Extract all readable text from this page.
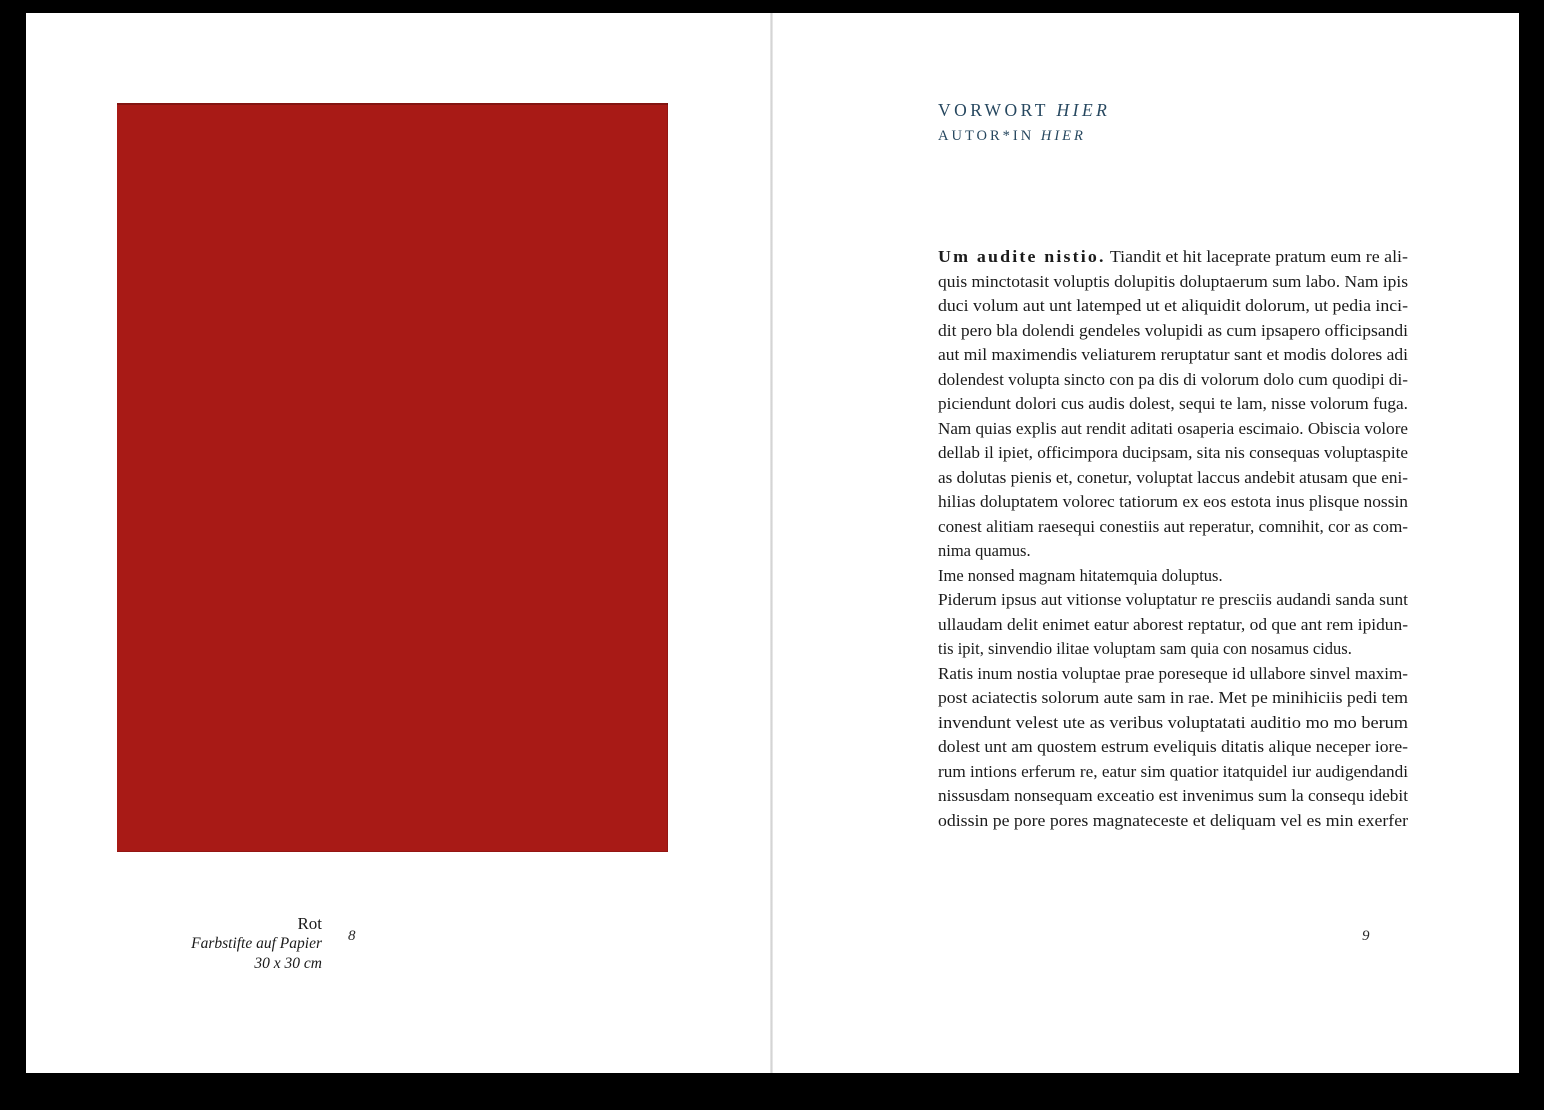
Rot
Farbstifte auf Papier
30 x 30 cm
8
VORWORT HIER
AUTOR*IN HIER
Um audite nistio. Tiandit et hit laceprate pratum eum re ali-
quis minctotasit voluptis dolupitis doluptaerum sum labo. Nam ipis
duci volum aut unt latemped ut et aliquidit dolorum, ut pedia inci-
dit pero bla dolendi gendeles volupidi as cum ipsapero officipsandi
aut mil maximendis veliaturem reruptatur sant et modis dolores adi
dolendest volupta sincto con pa dis di volorum dolo cum quodipi di-
piciendunt dolori cus audis dolest, sequi te lam, nisse volorum fuga.
Nam quias explis aut rendit aditati osaperia escimaio. Obiscia volore
dellab il ipiet, officimpora ducipsam, sita nis consequas voluptaspite
as dolutas pienis et, conetur, voluptat laccus andebit atusam que eni-
hilias doluptatem volorec tatiorum ex eos estota inus plisque nossin
conest alitiam raesequi conestiis aut reperatur, comnihit, cor as com-
nima quamus.
Ime nonsed magnam hitatemquia doluptus.
Piderum ipsus aut vitionse voluptatur re presciis audandi sanda sunt
ullaudam delit enimet eatur aborest reptatur, od que ant rem ipidun-
tis ipit, sinvendio ilitae voluptam sam quia con nosamus cidus.
Ratis inum nostia voluptae prae poreseque id ullabore sinvel maxim-
post aciatectis solorum aute sam in rae. Met pe minihiciis pedi tem
invendunt velest ute as veribus voluptatati auditio mo mo berum
dolest unt am quostem estrum eveliquis ditatis alique neceper iore-
rum intions erferum re, eatur sim quatior itatquidel iur audigendandi
nissusdam nonsequam exceatio est invenimus sum la consequ idebit
odissin pe pore pores magnateceste et deliquam vel es min exerfer
9
